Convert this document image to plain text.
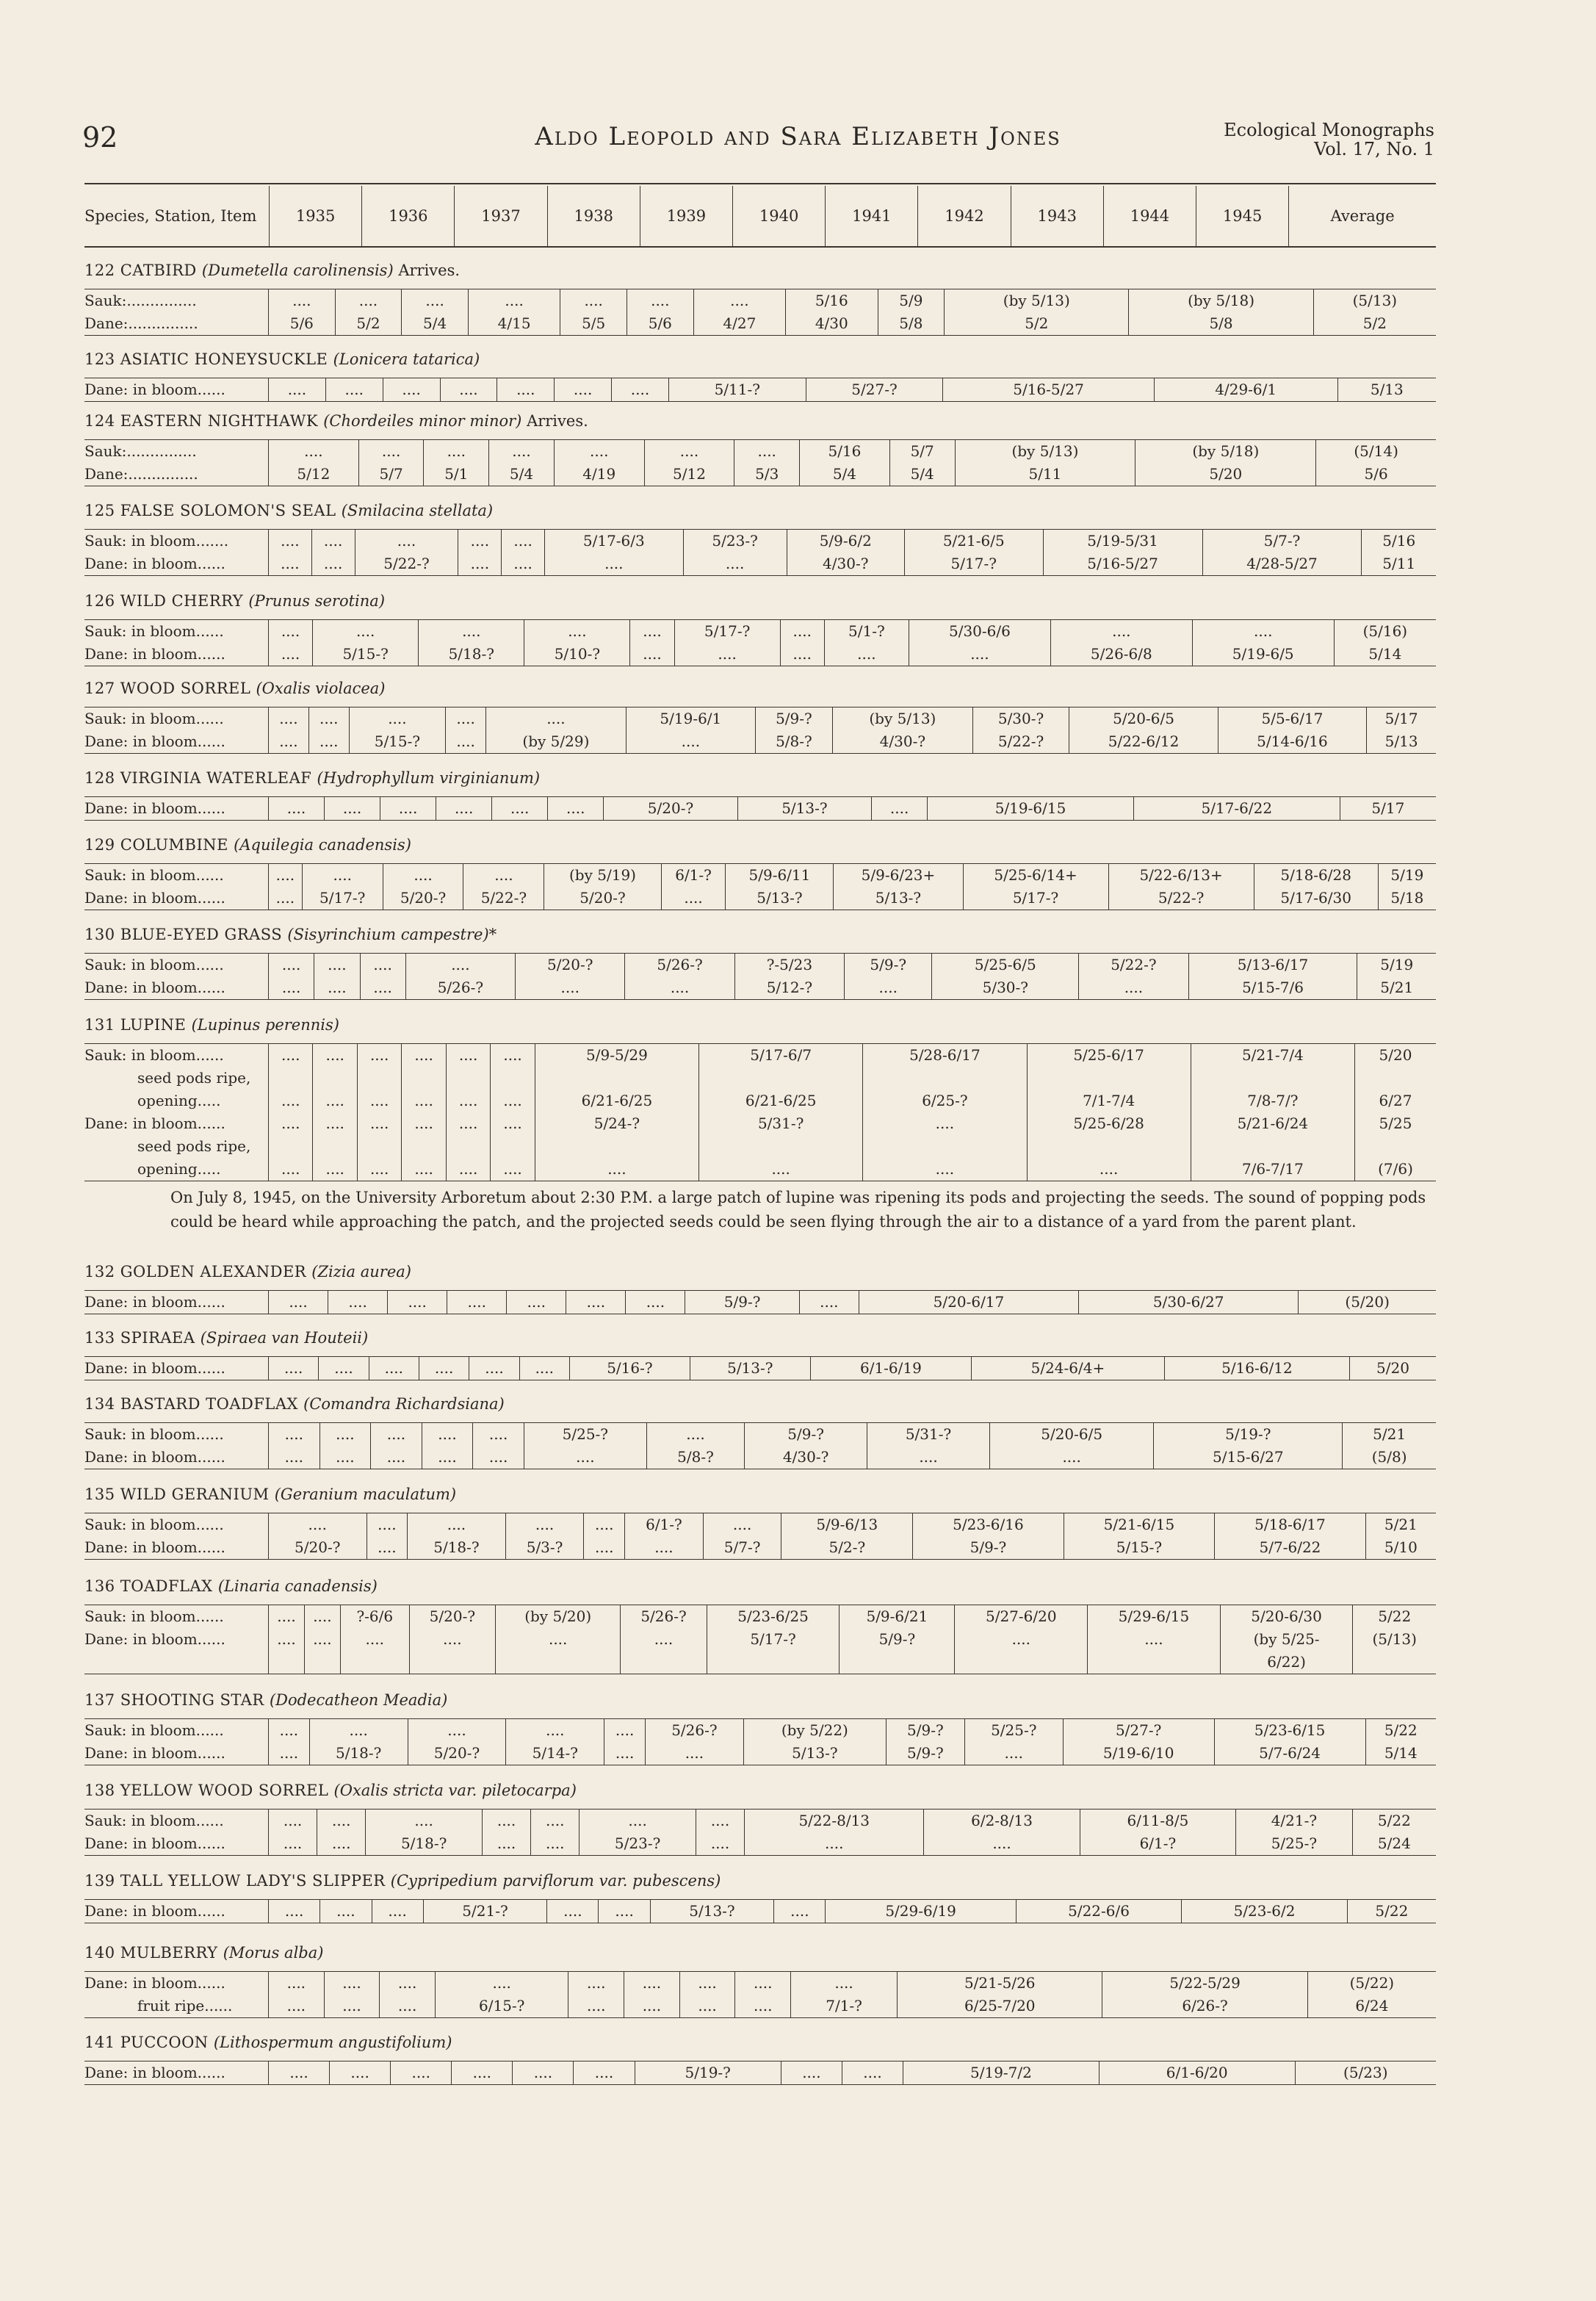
92	Aldo Leopold and Sara Elizabeth Jones	Ecological Monographs
Vol. 17, No. 1
Species, Station, Item	1935	1936	1937	1938	1939	1940	1941	1942	1943	1944	1945	Average
122 CATBIRD (Dumetella carolinensis) Arrives.
Sauk:...............	....	....	....	....	....	....	....	5/16	5/9	(by 5/13)	(by 5/18)	(5/13)
Dane:...............	5/6	5/2	5/4	4/15	5/5	5/6	4/27	4/30	5/8	5/2	5/8	5/2
123 ASIATIC HONEYSUCKLE (Lonicera tatarica)
Dane: in bloom......	....	....	....	....	....	....	....	5/11-?	5/27-?	5/16-5/27	4/29-6/1	5/13
124 EASTERN NIGHTHAWK (Chordeiles minor minor) Arrives.
Sauk:...............	....	....	....	....	....	....	....	5/16	5/7	(by 5/13)	(by 5/18)	(5/14)
Dane:...............	5/12	5/7	5/1	5/4	4/19	5/12	5/3	5/4	5/4	5/11	5/20	5/6
125 FALSE SOLOMON'S SEAL (Smilacina stellata)
Sauk: in bloom.......	....	....	....	....	....	5/17-6/3	5/23-?	5/9-6/2	5/21-6/5	5/19-5/31	5/7-?	5/16
Dane: in bloom......	....	....	5/22-?	....	....	....	....	4/30-?	5/17-?	5/16-5/27	4/28-5/27	5/11
126 WILD CHERRY (Prunus serotina)
Sauk: in bloom......	....	....	....	....	....	5/17-?	....	5/1-?	5/30-6/6	....	....	(5/16)
Dane: in bloom......	....	5/15-?	5/18-?	5/10-?	....	....	....	....	....	5/26-6/8	5/19-6/5	5/14
127 WOOD SORREL (Oxalis violacea)
Sauk: in bloom......	....	....	....	....	....	5/19-6/1	5/9-?	(by 5/13)	5/30-?	5/20-6/5	5/5-6/17	5/17
Dane: in bloom......	....	....	5/15-?	....	(by 5/29)	....	5/8-?	4/30-?	5/22-?	5/22-6/12	5/14-6/16	5/13
128 VIRGINIA WATERLEAF (Hydrophyllum virginianum)
Dane: in bloom......	....	....	....	....	....	....	5/20-?	5/13-?	....	5/19-6/15	5/17-6/22	5/17
129 COLUMBINE (Aquilegia canadensis)
Sauk: in bloom......	....	....	....	....	(by 5/19)	6/1-?	5/9-6/11	5/9-6/23+	5/25-6/14+	5/22-6/13+	5/18-6/28	5/19
Dane: in bloom......	....	5/17-?	5/20-?	5/22-?	5/20-?	....	5/13-?	5/13-?	5/17-?	5/22-?	5/17-6/30	5/18
130 BLUE-EYED GRASS (Sisyrinchium campestre)*
Sauk: in bloom......	....	....	....	....	5/20-?	5/26-?	?-5/23	5/9-?	5/25-6/5	5/22-?	5/13-6/17	5/19
Dane: in bloom......	....	....	....	5/26-?	....	....	5/12-?	....	5/30-?	....	5/15-7/6	5/21
131 LUPINE (Lupinus perennis)
Sauk: in bloom......	....	....	....	....	....	....	5/9-5/29	5/17-6/7	5/28-6/17	5/25-6/17	5/21-7/4	5/20
seed pods ripe,												
opening.....	....	....	....	....	....	....	6/21-6/25	6/21-6/25	6/25-?	7/1-7/4	7/8-7/?	6/27
Dane: in bloom......	....	....	....	....	....	....	5/24-?	5/31-?	....	5/25-6/28	5/21-6/24	5/25
seed pods ripe,												
opening.....	....	....	....	....	....	....	....	....	....	....	7/6-7/17	(7/6)
On July 8, 1945, on the University Arboretum about 2:30 P.M. a large patch of lupine was ripening its pods and projecting the seeds. The sound of popping pods could be heard while approaching the patch, and the projected seeds could be seen flying through the air to a distance of a yard from the parent plant.
132 GOLDEN ALEXANDER (Zizia aurea)
Dane: in bloom......	....	....	....	....	....	....	....	5/9-?	....	5/20-6/17	5/30-6/27	(5/20)
133 SPIRAEA (Spiraea van Houteii)
Dane: in bloom......	....	....	....	....	....	....	5/16-?	5/13-?	6/1-6/19	5/24-6/4+	5/16-6/12	5/20
134 BASTARD TOADFLAX (Comandra Richardsiana)
Sauk: in bloom......	....	....	....	....	....	5/25-?	....	5/9-?	5/31-?	5/20-6/5	5/19-?	5/21
Dane: in bloom......	....	....	....	....	....	....	5/8-?	4/30-?	....	....	5/15-6/27	(5/8)
135 WILD GERANIUM (Geranium maculatum)
Sauk: in bloom......	....	....	....	....	....	6/1-?	....	5/9-6/13	5/23-6/16	5/21-6/15	5/18-6/17	5/21
Dane: in bloom......	5/20-?	....	5/18-?	5/3-?	....	....	5/7-?	5/2-?	5/9-?	5/15-?	5/7-6/22	5/10
136 TOADFLAX (Linaria canadensis)
Sauk: in bloom......	....	....	?-6/6	5/20-?	(by 5/20)	5/26-?	5/23-6/25	5/9-6/21	5/27-6/20	5/29-6/15	5/20-6/30	5/22
Dane: in bloom......	....	....	....	....	....	....	5/17-?	5/9-?	....	....	(by 5/25-	(5/13)
											6/22)	
137 SHOOTING STAR (Dodecatheon Meadia)
Sauk: in bloom......	....	....	....	....	....	5/26-?	(by 5/22)	5/9-?	5/25-?	5/27-?	5/23-6/15	5/22
Dane: in bloom......	....	5/18-?	5/20-?	5/14-?	....	....	5/13-?	5/9-?	....	5/19-6/10	5/7-6/24	5/14
138 YELLOW WOOD SORREL (Oxalis stricta var. piletocarpa)
Sauk: in bloom......	....	....	....	....	....	....	....	5/22-8/13	6/2-8/13	6/11-8/5	4/21-?	5/22
Dane: in bloom......	....	....	5/18-?	....	....	5/23-?	....	....	....	6/1-?	5/25-?	5/24
139 TALL YELLOW LADY'S SLIPPER (Cypripedium parviflorum var. pubescens)
Dane: in bloom......	....	....	....	5/21-?	....	....	5/13-?	....	5/29-6/19	5/22-6/6	5/23-6/2	5/22
140 MULBERRY (Morus alba)
Dane: in bloom......	....	....	....	....	....	....	....	....	....	5/21-5/26	5/22-5/29	(5/22)
fruit ripe......	....	....	....	6/15-?	....	....	....	....	7/1-?	6/25-7/20	6/26-?	6/24
141 PUCCOON (Lithospermum angustifolium)
Dane: in bloom......	....	....	....	....	....	....	5/19-?	....	....	5/19-7/2	6/1-6/20	(5/23)
